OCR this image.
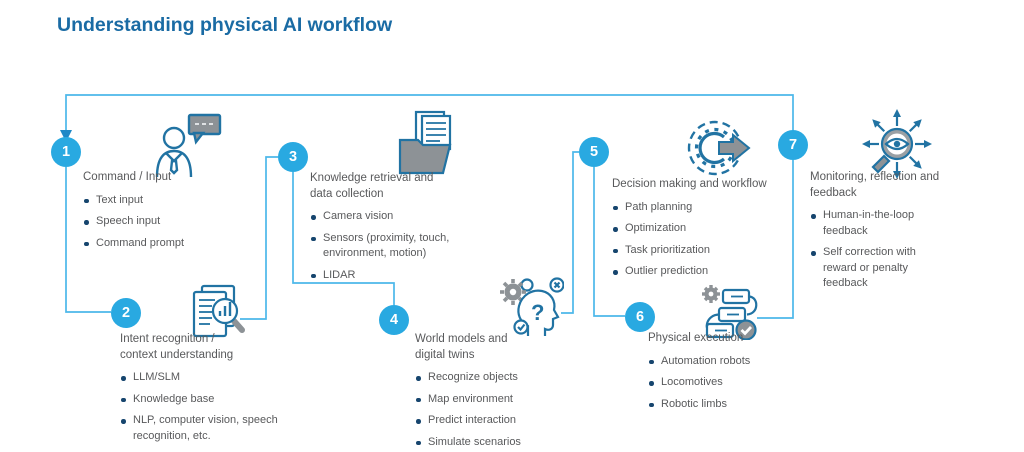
Understanding physical AI workflow
1
2
3
4
5
6
7
?
Command / Input
Text input
Speech input
Command prompt
Intent recognition / context understanding
LLM/SLM
Knowledge base
NLP, computer vision, speech recognition, etc.
Knowledge retrieval and data collection
Camera vision
Sensors (proximity, touch, environment, motion)
LIDAR
World models and digital twins
Recognize objects
Map environment
Predict interaction
Simulate scenarios
Decision making and workflow
Path planning
Optimization
Task prioritization
Outlier prediction
Physical execution
Automation robots
Locomotives
Robotic limbs
Monitoring, reflection and feedback
Human-in-the-loop feedback
Self correction with reward or penalty feedback
